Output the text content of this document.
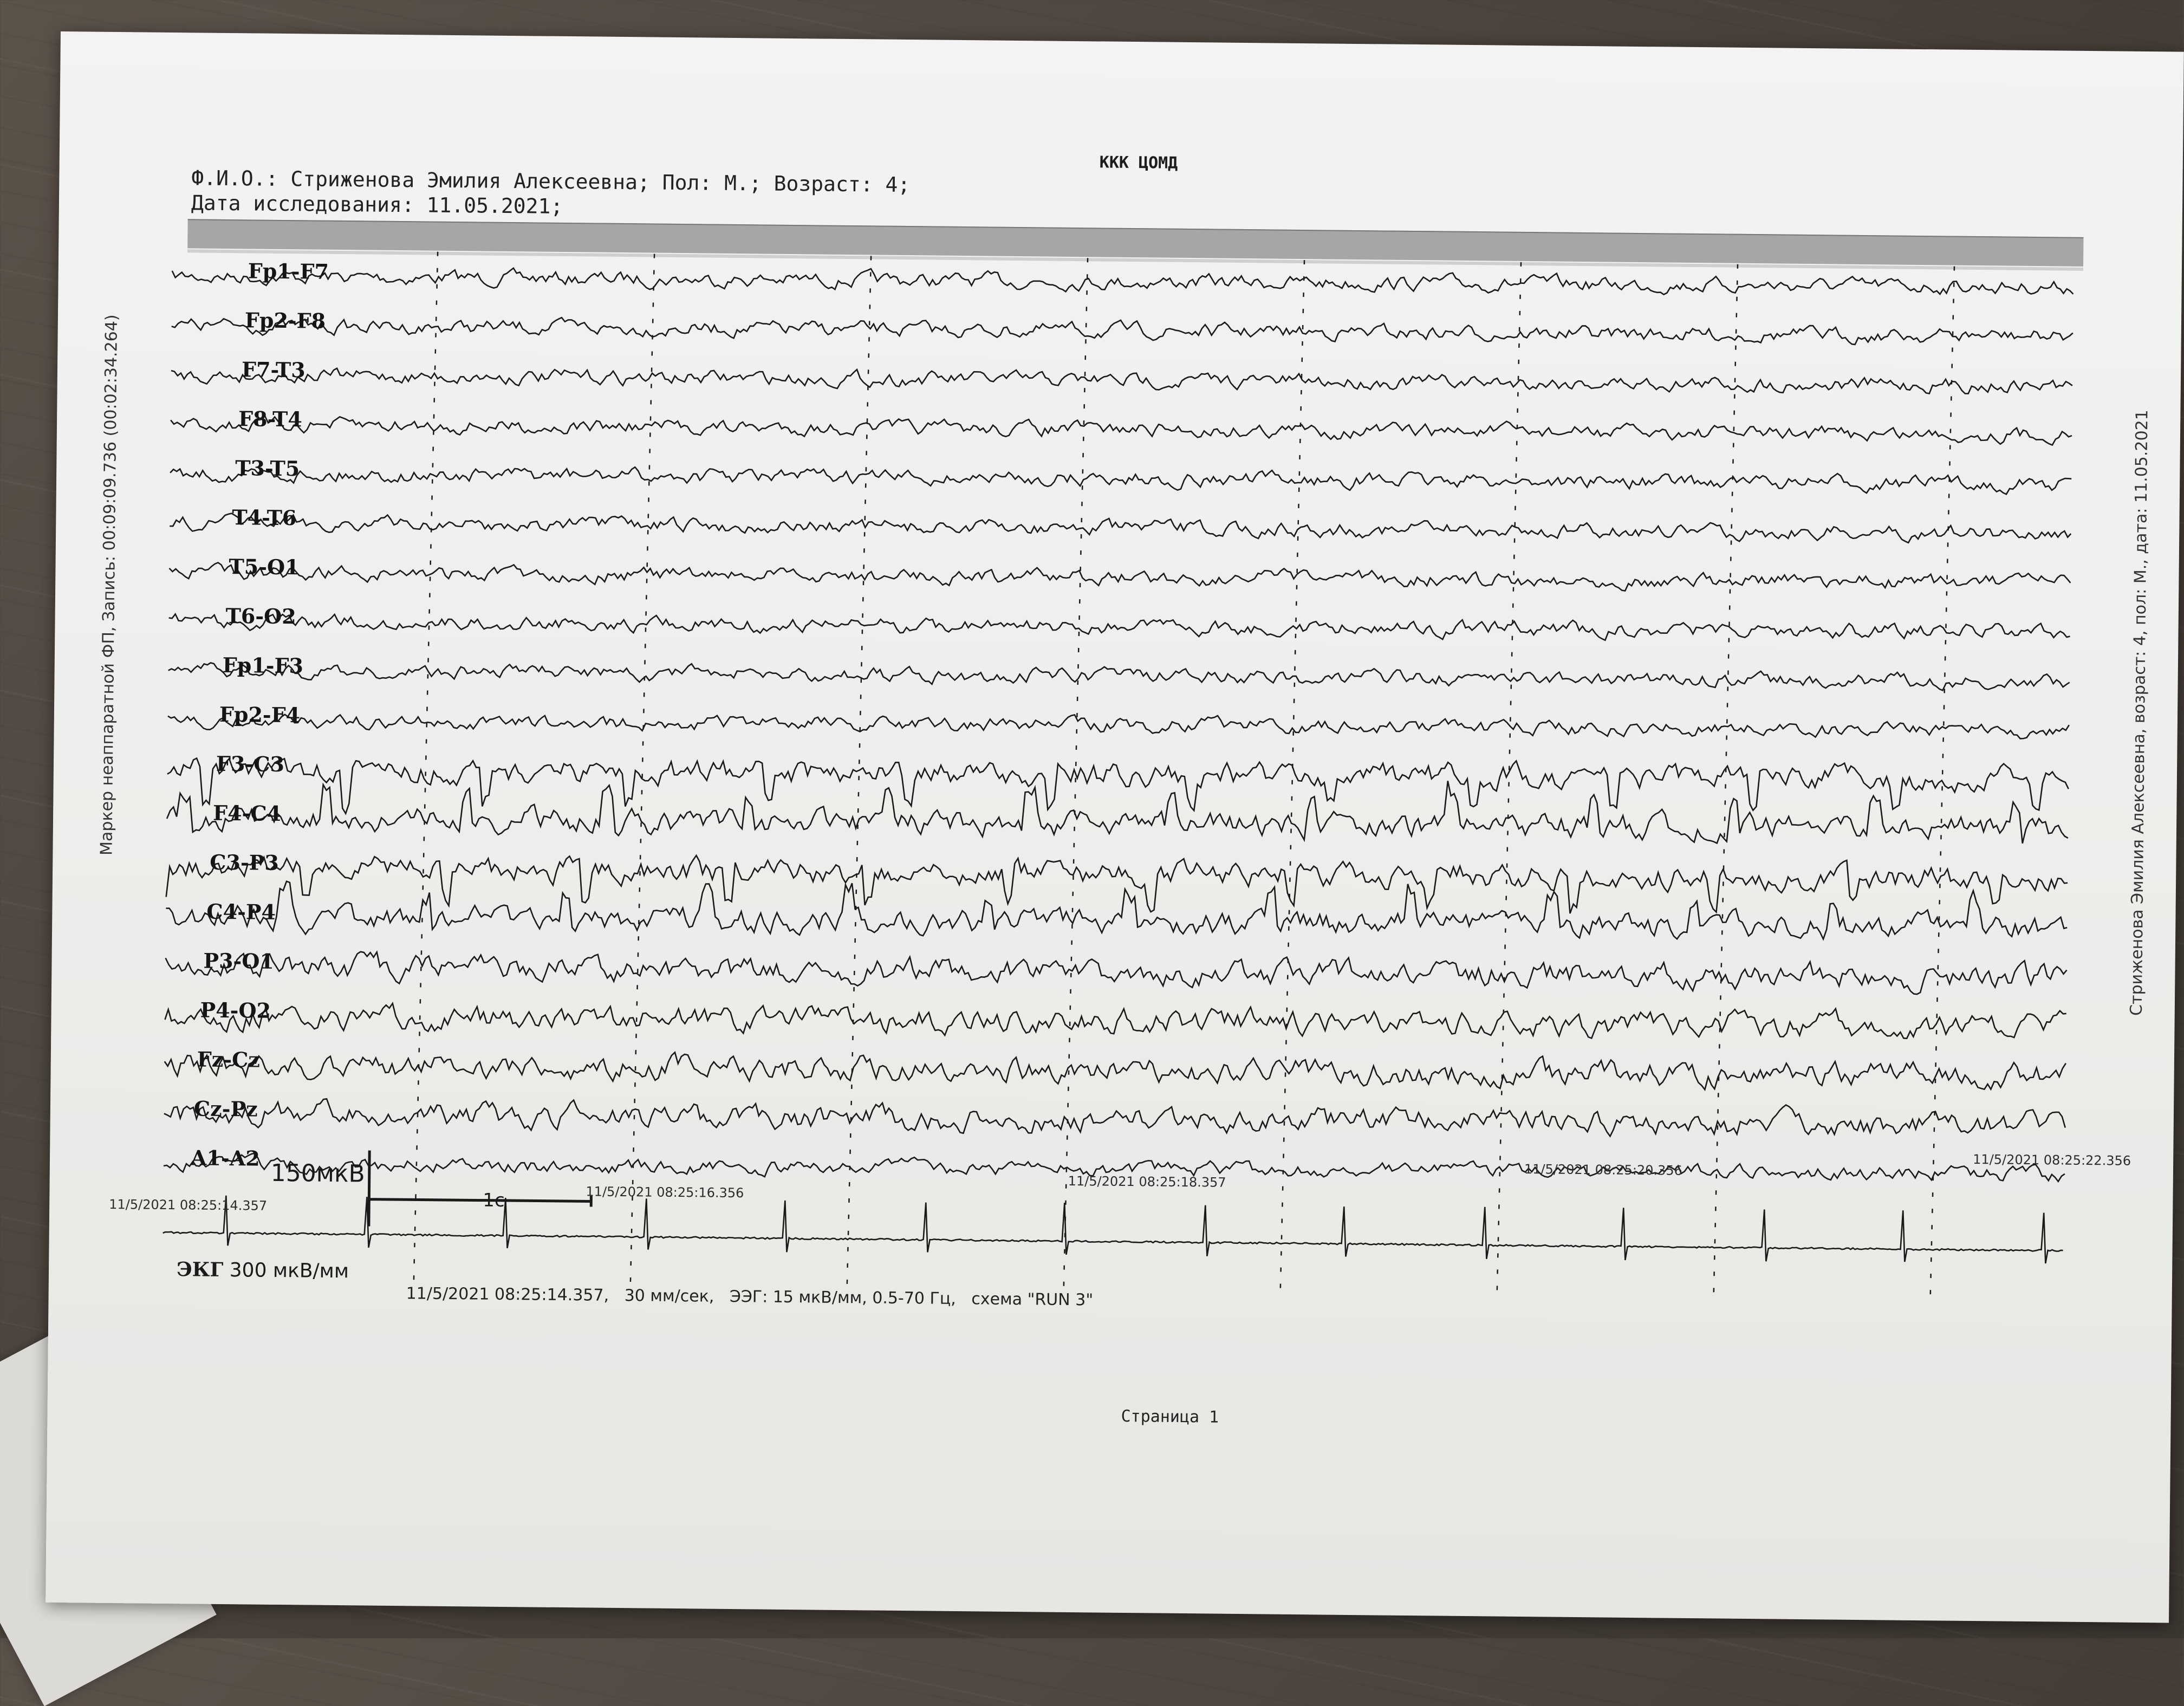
ККК ЦОМД
Ф.И.О.: Стриженова Эмилия Алексеевна; Пол: М.; Возраст: 4;
Дата исследования: 11.05.2021;
Fp1-F7
Fp2-F8
F7-T3
F8-T4
T3-T5
T4-T6
T5-O1
T6-O2
Fp1-F3
Fp2-F4
F3-C3
F4-C4
C3-P3
C4-P4
P3-O1
P4-O2
Fz-Cz
Cz-Pz
A1-A2
Маркер неаппаратной ФП, Запись: 00:09:09.736 (00:02:34.264)	Стриженова Эмилия Алексеевна, возраст: 4, пол: М., дата: 11.05.2021
11/5/2021 08:25:14.357
11/5/2021 08:25:16.356
11/5/2021 08:25:18.357
11/5/2021 08:25:20.356
11/5/2021 08:25:22.356
150мкВ
1с
ЭКГ 300 мкВ/мм
11/5/2021 08:25:14.357,   30 мм/сек,   ЭЭГ: 15 мкВ/мм, 0.5-70 Гц,   схема "RUN 3"
Страница 1
